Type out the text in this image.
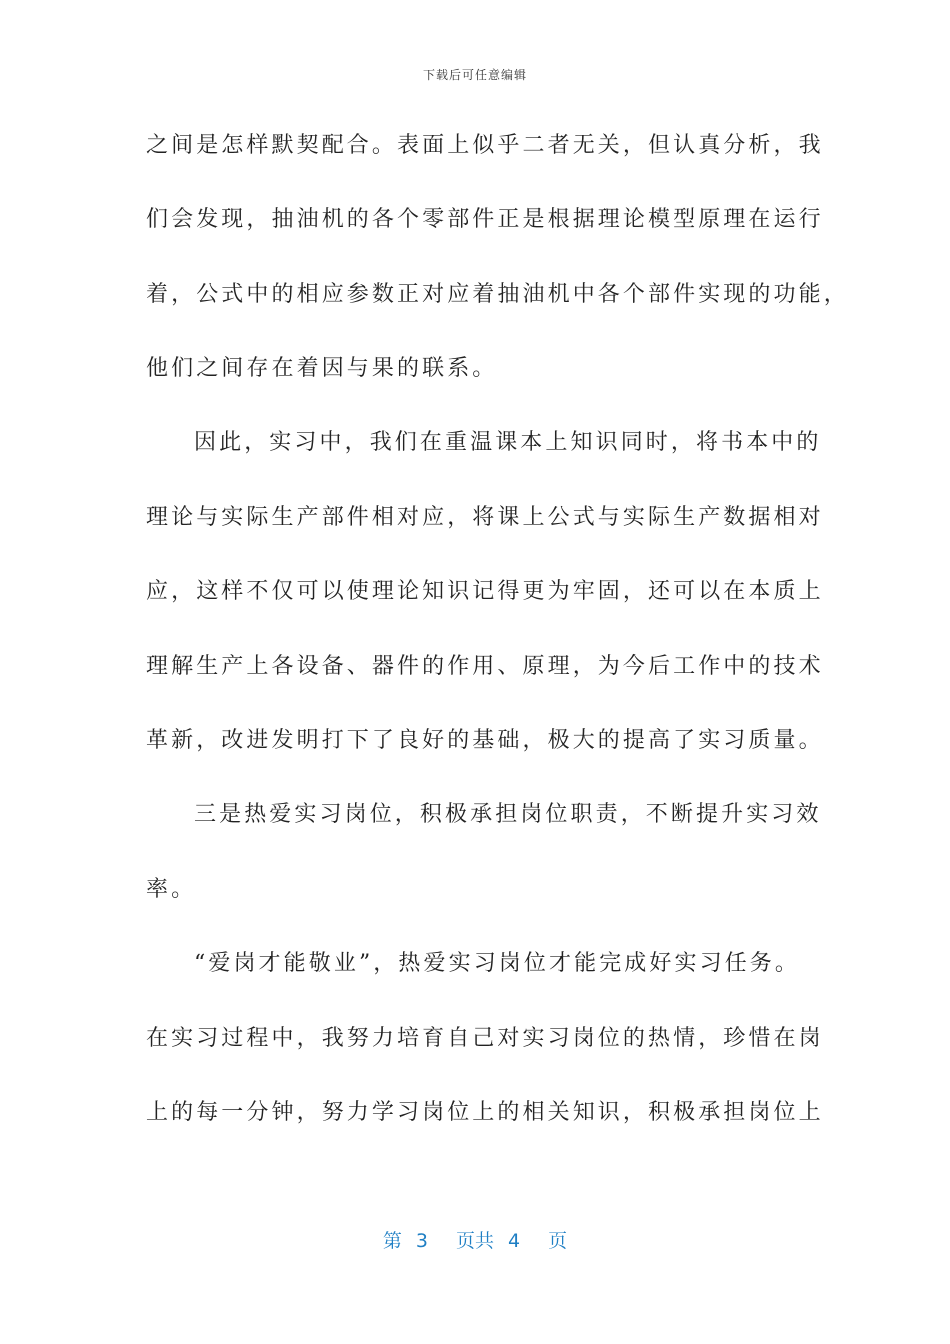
下载后可任意编辑
之间是怎样默契配合。表面上似乎二者无关，但认真分析，我
们会发现，抽油机的各个零部件正是根据理论模型原理在运行
着，公式中的相应参数正对应着抽油机中各个部件实现的功能，
他们之间存在着因与果的联系。
因此，实习中，我们在重温课本上知识同时，将书本中的
理论与实际生产部件相对应，将课上公式与实际生产数据相对
应，这样不仅可以使理论知识记得更为牢固，还可以在本质上
理解生产上各设备、器件的作用、原理，为今后工作中的技术
革新，改进发明打下了良好的基础，极大的提高了实习质量。
三是热爱实习岗位，积极承担岗位职责，不断提升实习效
率。
“爱岗才能敬业”，热爱实习岗位才能完成好实习任务。
在实习过程中，我努力培育自己对实习岗位的热情，珍惜在岗
上的每一分钟，努力学习岗位上的相关知识，积极承担岗位上
第 3 页共 4 页
